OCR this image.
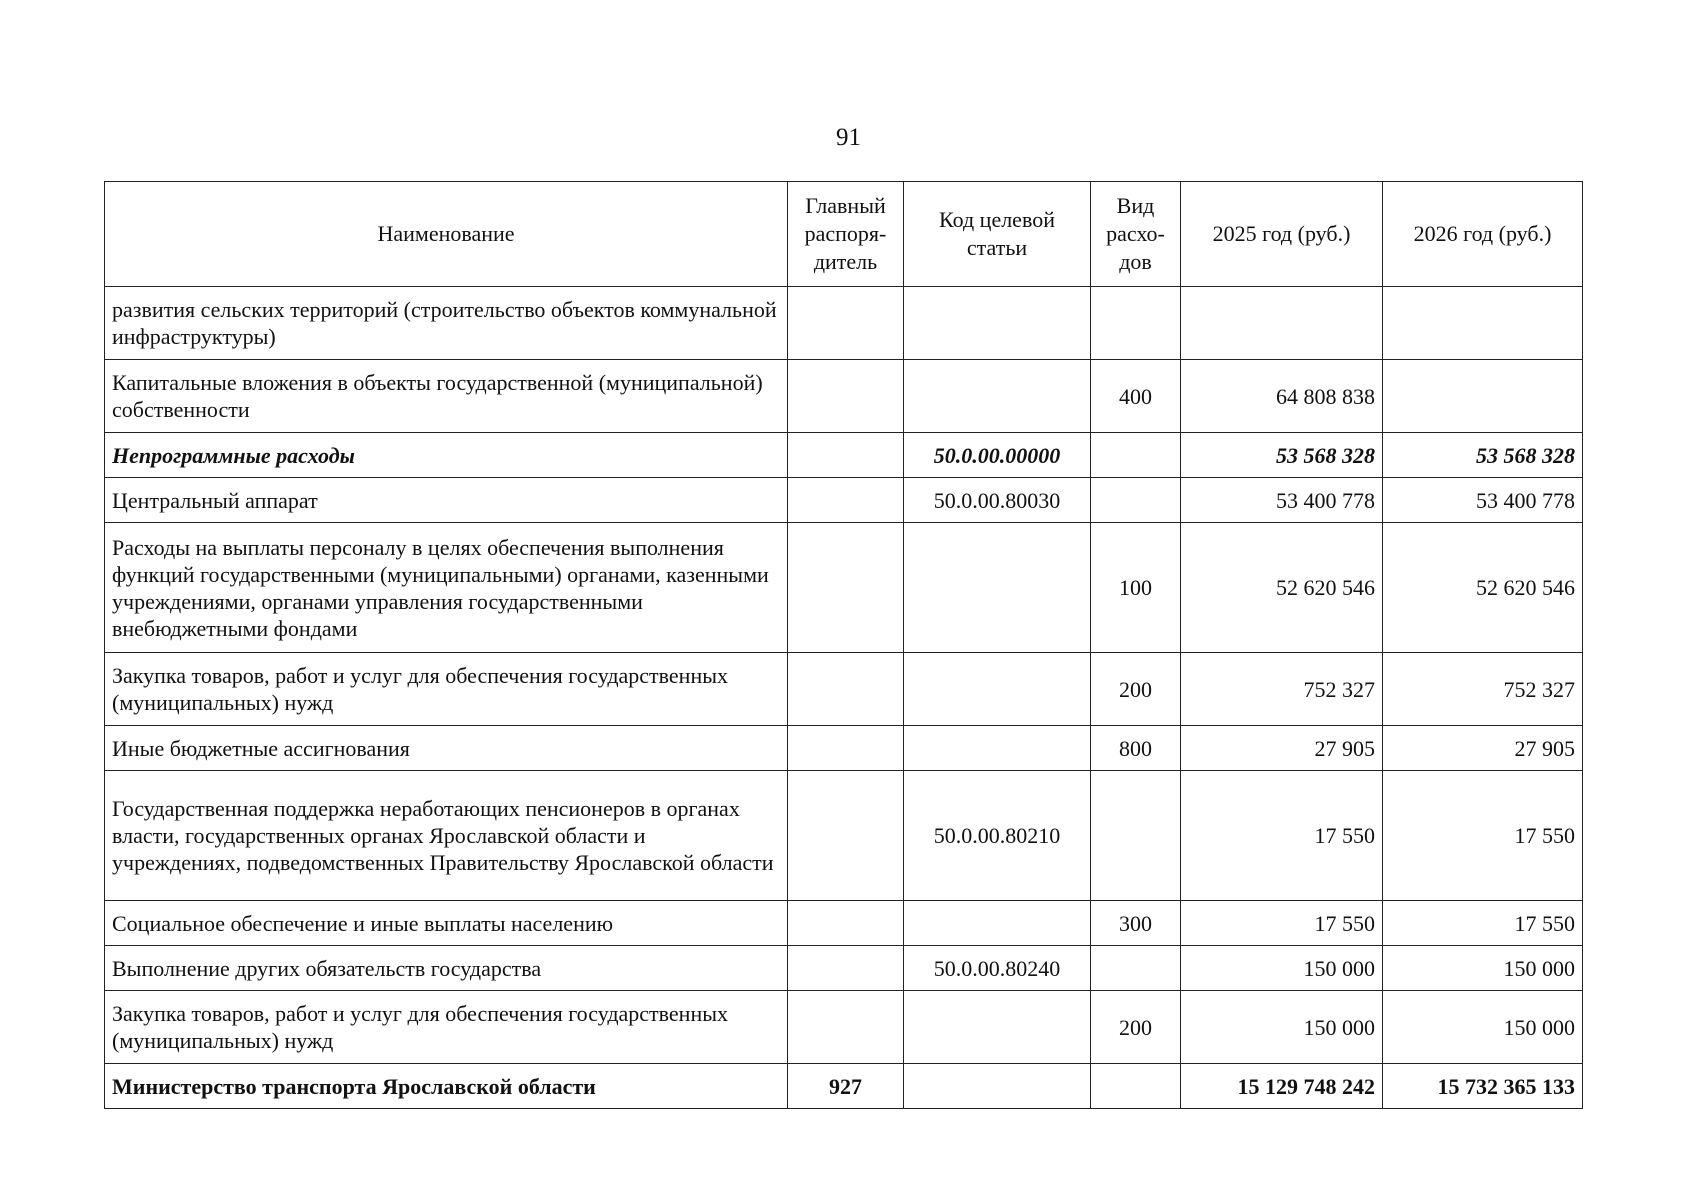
91
Наименование	Главный распоря-дитель	Код целевой статьи	Вид расхо-дов	2025 год (руб.)	2026 год (руб.)
развития сельских территорий (строительство объектов коммунальной инфраструктуры)					
Капитальные вложения в объекты государственной (муниципальной) собственности			400	64 808 838	
Непрограммные расходы		50.0.00.00000		53 568 328	53 568 328
Центральный аппарат		50.0.00.80030		53 400 778	53 400 778
Расходы на выплаты персоналу в целях обеспечения выполнения функций государственными (муниципальными) органами, казенными учреждениями, органами управления государственными внебюджетными фондами			100	52 620 546	52 620 546
Закупка товаров, работ и услуг для обеспечения государственных (муниципальных) нужд			200	752 327	752 327
Иные бюджетные ассигнования			800	27 905	27 905
Государственная поддержка неработающих пенсионеров в органах власти, государственных органах Ярославской области и учреждениях, подведомственных Правительству Ярославской области		50.0.00.80210		17 550	17 550
Социальное обеспечение и иные выплаты населению			300	17 550	17 550
Выполнение других обязательств государства		50.0.00.80240		150 000	150 000
Закупка товаров, работ и услуг для обеспечения государственных (муниципальных) нужд			200	150 000	150 000
Министерство транспорта Ярославской области	927			15 129 748 242	15 732 365 133
